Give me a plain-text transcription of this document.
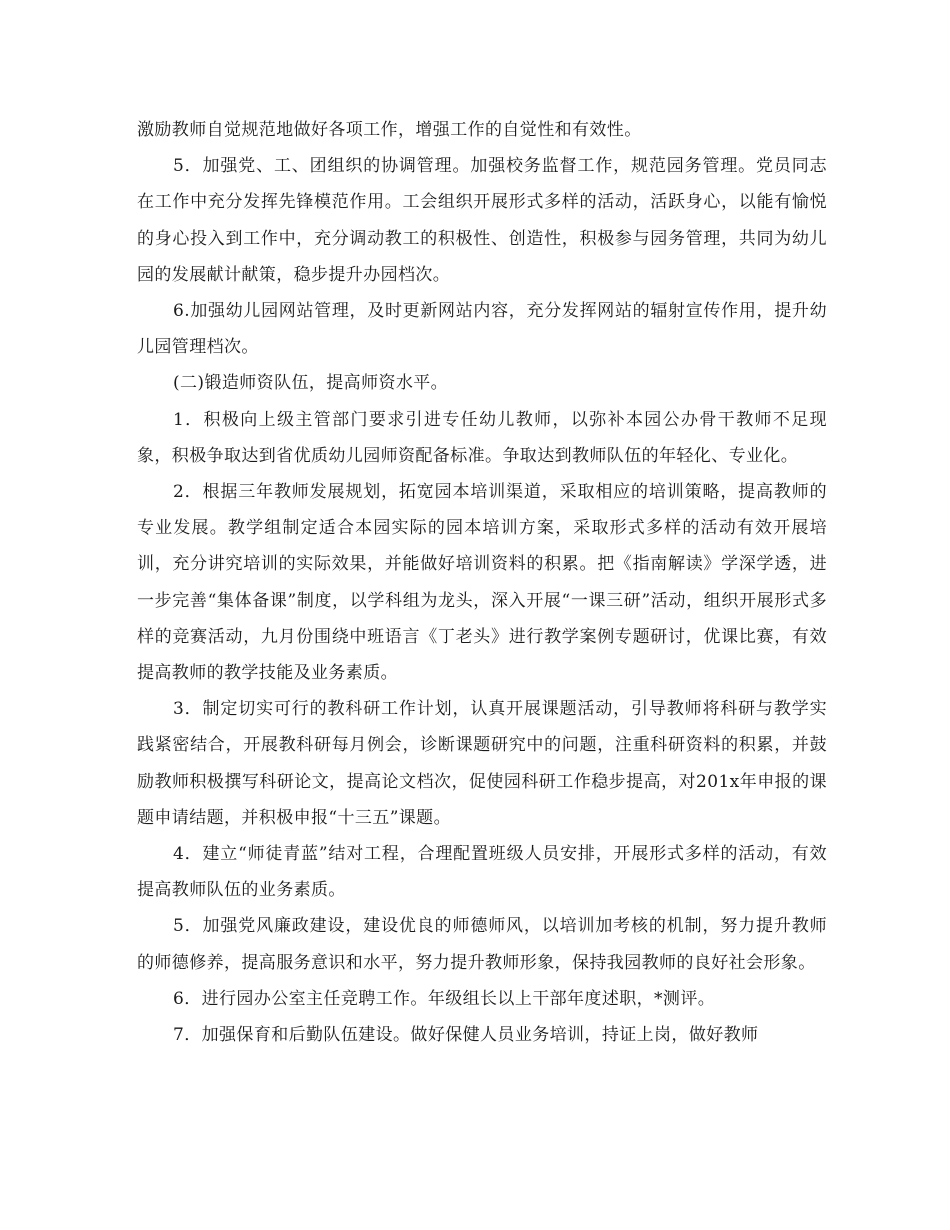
激励教师自觉规范地做好各项工作，增强工作的自觉性和有效性。

5．加强党、工、团组织的协调管理。加强校务监督工作，规范园务管理。党员同志在工作中充分发挥先锋模范作用。工会组织开展形式多样的活动，活跃身心，以能有愉悦的身心投入到工作中，充分调动教工的积极性、创造性，积极参与园务管理，共同为幼儿园的发展献计献策，稳步提升办园档次。

6.加强幼儿园网站管理，及时更新网站内容，充分发挥网站的辐射宣传作用，提升幼儿园管理档次。

(二)锻造师资队伍，提高师资水平。

1．积极向上级主管部门要求引进专任幼儿教师，以弥补本园公办骨干教师不足现象，积极争取达到省优质幼儿园师资配备标准。争取达到教师队伍的年轻化、专业化。

2．根据三年教师发展规划，拓宽园本培训渠道，采取相应的培训策略，提高教师的专业发展。教学组制定适合本园实际的园本培训方案，采取形式多样的活动有效开展培训，充分讲究培训的实际效果，并能做好培训资料的积累。把《指南解读》学深学透，进一步完善“集体备课”制度，以学科组为龙头，深入开展“一课三研”活动，组织开展形式多样的竞赛活动，九月份围绕中班语言《丁老头》进行教学案例专题研讨，优课比赛，有效提高教师的教学技能及业务素质。

3．制定切实可行的教科研工作计划，认真开展课题活动，引导教师将科研与教学实践紧密结合，开展教科研每月例会，诊断课题研究中的问题，注重科研资料的积累，并鼓励教师积极撰写科研论文，提高论文档次，促使园科研工作稳步提高，对201x年申报的课题申请结题，并积极申报“十三五”课题。

4．建立“师徒青蓝”结对工程，合理配置班级人员安排，开展形式多样的活动，有效提高教师队伍的业务素质。

5．加强党风廉政建设，建设优良的师德师风，以培训加考核的机制，努力提升教师的师德修养，提高服务意识和水平，努力提升教师形象，保持我园教师的良好社会形象。

6．进行园办公室主任竞聘工作。年级组长以上干部年度述职，*测评。

7．加强保育和后勤队伍建设。做好保健人员业务培训，持证上岗，做好教师
